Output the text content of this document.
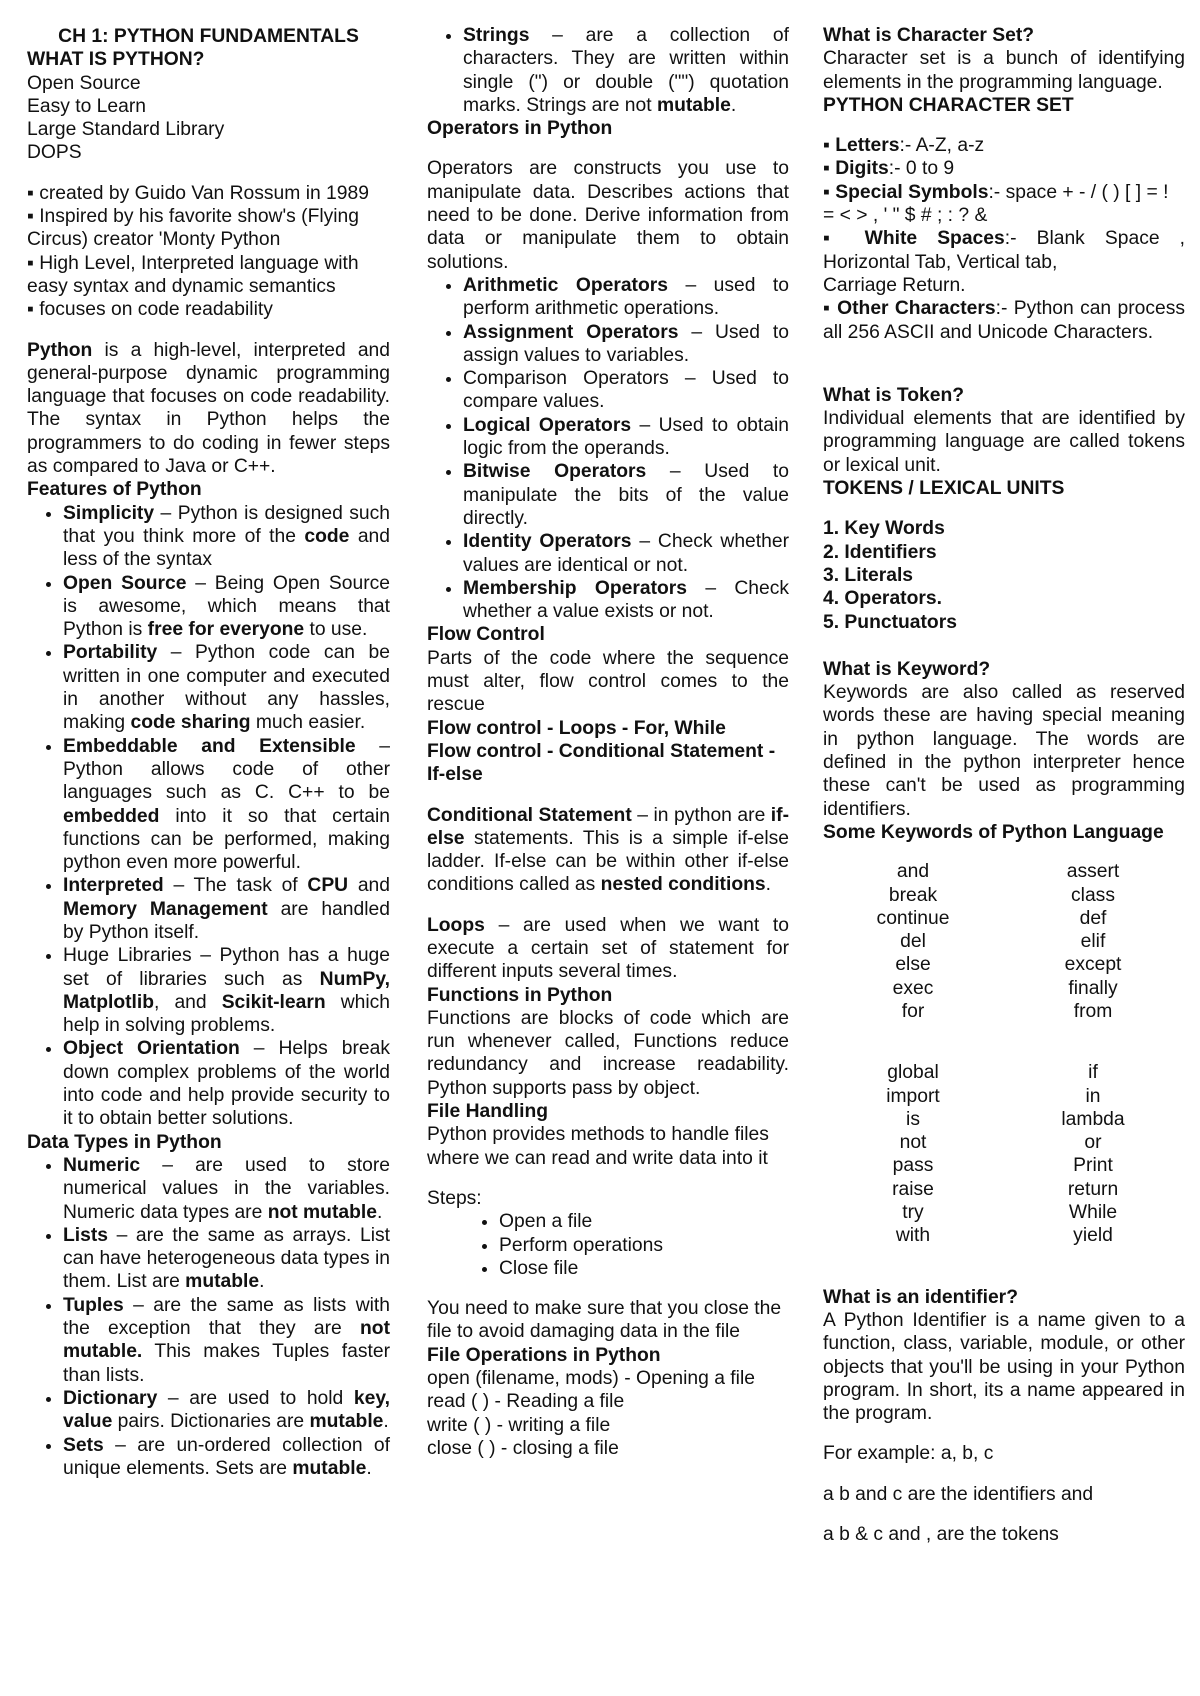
CH 1: PYTHON FUNDAMENTALS

WHAT IS PYTHON?

Open Source

Easy to Learn

Large Standard Library

DOPS

▪ created by Guido Van Rossum in 1989

▪ Inspired by his favorite show's (Flying Circus) creator 'Monty Python

▪ High Level, Interpreted language with easy syntax and dynamic semantics

▪ focuses on code readability

Python is a high-level, interpreted and general-purpose dynamic programming language that focuses on code readability. The syntax in Python helps the programmers to do coding in fewer steps as compared to Java or C++.

Features of Python

• Simplicity – Python is designed such that you think more of the code and less of the syntax
• Open Source – Being Open Source is awesome, which means that Python is free for everyone to use.
• Portability – Python code can be written in one computer and executed in another without any hassles, making code sharing much easier.
• Embeddable and Extensible – Python allows code of other languages such as C. C++ to be embedded into it so that certain functions can be performed, making python even more powerful.
• Interpreted – The task of CPU and Memory Management are handled by Python itself.
• Huge Libraries – Python has a huge set of libraries such as NumPy, Matplotlib, and Scikit-learn which help in solving problems.
• Object Orientation – Helps break down complex problems of the world into code and help provide security to it to obtain better solutions.

Data Types in Python

• Numeric – are used to store numerical values in the variables. Numeric data types are not mutable.
• Lists – are the same as arrays. List can have heterogeneous data types in them. List are mutable.
• Tuples – are the same as lists with the exception that they are not mutable. This makes Tuples faster than lists.
• Dictionary – are used to hold key, value pairs. Dictionaries are mutable.
• Sets – are un-ordered collection of unique elements. Sets are mutable.
• Strings – are a collection of characters. They are written within single (") or double ("") quotation marks. Strings are not mutable.

Operators in Python

Operators are constructs you use to manipulate data. Describes actions that need to be done. Derive information from data or manipulate them to obtain solutions.

• Arithmetic Operators – used to perform arithmetic operations.
• Assignment Operators – Used to assign values to variables.
• Comparison Operators – Used to compare values.
• Logical Operators – Used to obtain logic from the operands.
• Bitwise Operators – Used to manipulate the bits of the value directly.
• Identity Operators – Check whether values are identical or not.
• Membership Operators – Check whether a value exists or not.

Flow Control

Parts of the code where the sequence must alter, flow control comes to the rescue

Flow control - Loops - For, While

Flow control - Conditional Statement - If-else

Conditional Statement – in python are if-else statements. This is a simple if-else ladder. If-else can be within other if-else conditions called as nested conditions.

Loops – are used when we want to execute a certain set of statement for different inputs several times.

Functions in Python

Functions are blocks of code which are run whenever called, Functions reduce redundancy and increase readability. Python supports pass by object.

File Handling

Python provides methods to handle files where we can read and write data into it

Steps:

• Open a file
• Perform operations
• Close file

You need to make sure that you close the file to avoid damaging data in the file

File Operations in Python

open (filename, mods) - Opening a file

read ( ) - Reading a file

write ( ) - writing a file

close ( ) - closing a file

What is Character Set?

Character set is a bunch of identifying elements in the programming language.

PYTHON CHARACTER SET

▪ Letters:- A-Z, a-z

▪ Digits:- 0 to 9

▪ Special Symbols:- space + - / ( ) [ ] = ! = < > , ' " $ # ; : ? &

▪ White Spaces:- Blank Space , Horizontal Tab, Vertical tab,

Carriage Return.

▪ Other Characters:- Python can process all 256 ASCII and Unicode Characters.

What is Token?

Individual elements that are identified by programming language are called tokens or lexical unit.

TOKENS / LEXICAL UNITS

1. Key Words

2. Identifiers

3. Literals

4. Operators.

5. Punctuators

What is Keyword?

Keywords are also called as reserved words these are having special meaning in python language. The words are defined in the python interpreter hence these can't be used as programming identifiers.

Some Keywords of Python Language

and
break
continue
del
else
exec
for
assert
class
def
elif
except
finally
from
global
import
is
not
pass
raise
try
with
if
in
lambda
or
Print
return
While
yield

What is an identifier?

A Python Identifier is a name given to a function, class, variable, module, or other objects that you'll be using in your Python program. In short, its a name appeared in the program.

For example: a, b, c

a b and c are the identifiers and

a b & c and , are the tokens
